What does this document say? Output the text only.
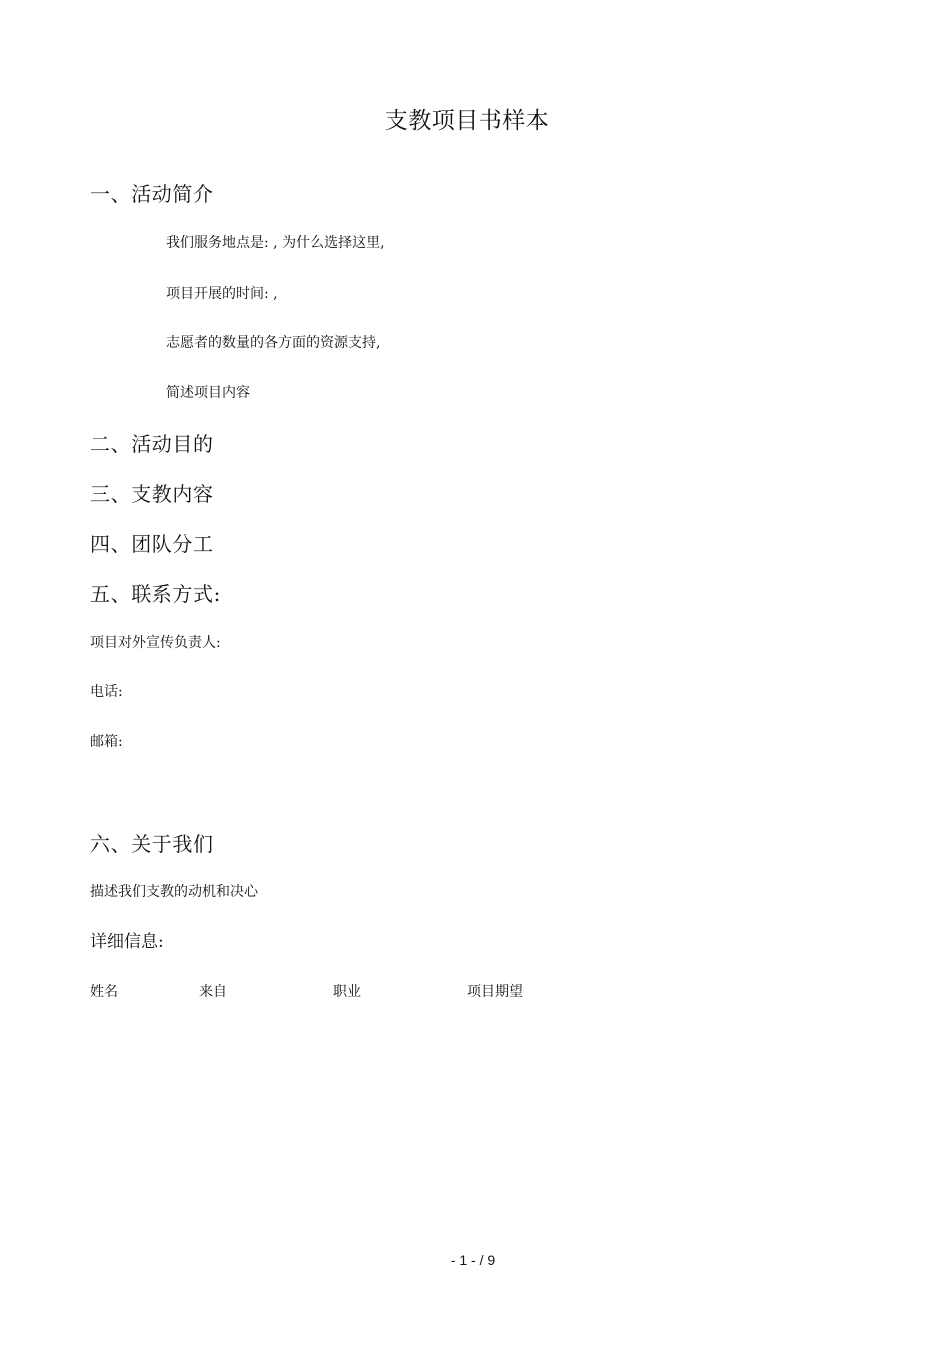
支教项目书样本
一、活动简介
我们服务地点是: , 为什么选择这里,
项目开展的时间: ,
志愿者的数量的各方面的资源支持,
简述项目内容
二、活动目的
三、支教内容
四、团队分工
五、联系方式:
项目对外宣传负责人:
电话:
邮箱:
六、关于我们
描述我们支教的动机和决心
详细信息:
姓名	来自	职业	项目期望
- 1 - / 9
